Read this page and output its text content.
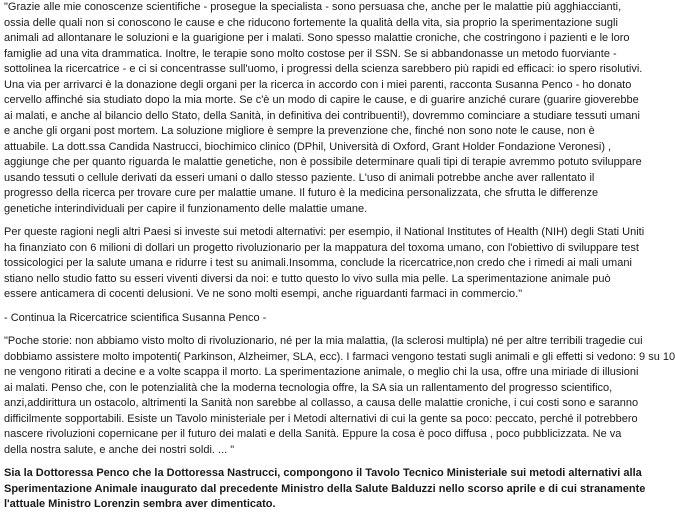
"Grazie alle mie conoscenze scientifiche - prosegue la specialista - sono persuasa che, anche per le malattie più agghiaccianti,
ossia delle quali non si conoscono le cause e che riducono fortemente la qualità della vita, sia proprio la sperimentazione sugli
animali ad allontanare le soluzioni e la guarigione per i malati. Sono spesso malattie croniche, che costringono i pazienti e le loro
famiglie ad una vita drammatica. Inoltre, le terapie sono molto costose per il SSN. Se si abbandonasse un metodo fuorviante -
sottolinea la ricercatrice - e ci si concentrasse sull'uomo, i progressi della scienza sarebbero più rapidi ed efficaci: io spero risolutivi.
Una via per arrivarci è la donazione degli organi per la ricerca in accordo con i miei parenti, racconta Susanna Penco - ho donato
cervello affinché sia studiato dopo la mia morte. Se c'è un modo di capire le cause, e di guarire anziché curare (guarire gioverebbe
ai malati, e anche al bilancio dello Stato, della Sanità, in definitiva dei contribuenti!), dovremmo cominciare a studiare tessuti umani
e anche gli organi post mortem. La soluzione migliore è sempre la prevenzione che, finché non sono note le cause, non è
attuabile. La dott.ssa Candida Nastrucci, biochimico clinico (DPhil, Università di Oxford, Grant Holder Fondazione Veronesi) ,
aggiunge che per quanto riguarda le malattie genetiche, non è possibile determinare quali tipi di terapie avremmo potuto sviluppare
usando tessuti o cellule derivati da esseri umani o dallo stesso paziente. L'uso di animali potrebbe anche aver rallentato il
progresso della ricerca per trovare cure per malattie umane. Il futuro è la medicina personalizzata, che sfrutta le differenze
genetiche interindividuali per capire il funzionamento delle malattie umane.
Per queste ragioni negli altri Paesi si investe sui metodi alternativi: per esempio, il National Institutes of Health (NIH) degli Stati Uniti
ha finanziato con 6 milioni di dollari un progetto rivoluzionario per la mappatura del toxoma umano, con l'obiettivo di sviluppare test
tossicologici per la salute umana e ridurre i test su animali.Insomma, conclude la ricercatrice,non credo che i rimedi ai mali umani
stiano nello studio fatto su esseri viventi diversi da noi: e tutto questo lo vivo sulla mia pelle. La sperimentazione animale può
essere anticamera di cocenti delusioni. Ve ne sono molti esempi, anche riguardanti farmaci in commercio."
- Continua la Ricercatrice scientifica Susanna Penco -
"Poche storie: non abbiamo visto molto di rivoluzionario, né per la mia malattia, (la sclerosi multipla) né per altre terribili tragedie cui
dobbiamo assistere molto impotenti( Parkinson, Alzheimer, SLA, ecc). I farmaci vengono testati sugli animali e gli effetti si vedono: 9 su 10
ne vengono ritirati a decine e a volte scappa il morto. La sperimentazione animale, o meglio chi la usa, offre una miriade di illusioni
ai malati. Penso che, con le potenzialità che la moderna tecnologia offre, la SA sia un rallentamento del progresso scientifico,
anzi,addirittura un ostacolo, altrimenti la Sanità non sarebbe al collasso, a causa delle malattie croniche, i cui costi sono e saranno
difficilmente sopportabili. Esiste un Tavolo ministeriale per i Metodi alternativi di cui la gente sa poco: peccato, perché il potrebbero
nascere rivoluzioni copernicane per il futuro dei malati e della Sanità. Eppure la cosa è poco diffusa , poco pubblicizzata. Ne va
della nostra salute, e anche dei nostri soldi. ... "
Sia la Dottoressa Penco che la Dottoressa Nastrucci, compongono il Tavolo Tecnico Ministeriale sui metodi alternativi alla
Sperimentazione Animale inaugurato dal precedente Ministro della Salute Balduzzi nello scorso aprile e di cui stranamente
l'attuale Ministro Lorenzin sembra aver dimenticato.
